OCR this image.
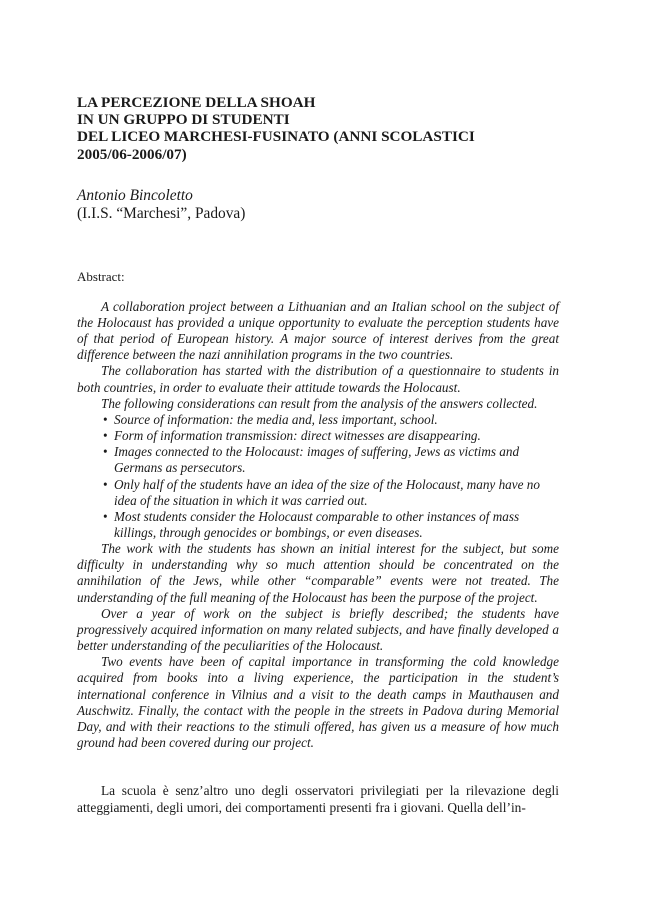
LA PERCEZIONE DELLA SHOAH
IN UN GRUPPO DI STUDENTI
DEL LICEO MARCHESI-FUSINATO (ANNI SCOLASTICI
2005/06-2006/07)
Antonio Bincoletto
(I.I.S. “Marchesi”, Padova)
Abstract:

A collaboration project between a Lithuanian and an Italian school on the subject of the Holocaust has provided a unique opportunity to evaluate the perception students have of that period of European history. A major source of interest derives from the great difference between the nazi annihilation programs in the two countries.

The collaboration has started with the distribution of a questionnaire to students in both countries, in order to evaluate their attitude towards the Holocaust.

The following considerations can result from the analysis of the answers collected.

• Source of information: the media and, less important, school.
• Form of information transmission: direct witnesses are disappearing.
• Images connected to the Holocaust: images of suffering, Jews as victims and Germans as persecutors.
• Only half of the students have an idea of the size of the Holocaust, many have no idea of the situation in which it was carried out.
• Most students consider the Holocaust comparable to other instances of mass killings, through genocides or bombings, or even diseases.

The work with the students has shown an initial interest for the subject, but some difficulty in understanding why so much attention should be concentrated on the annihilation of the Jews, while other “comparable” events were not treated. The understanding of the full meaning of the Holocaust has been the purpose of the project.

Over a year of work on the subject is briefly described; the students have progressively acquired information on many related subjects, and have finally developed a better understanding of the peculiarities of the Holocaust.

Two events have been of capital importance in transforming the cold knowledge acquired from books into a living experience, the participation in the student’s international conference in Vilnius and a visit to the death camps in Mauthausen and Auschwitz. Finally, the contact with the people in the streets in Padova during Memorial Day, and with their reactions to the stimuli offered, has given us a measure of how much ground had been covered during our project.

La scuola è senz’altro uno degli osservatori privilegiati per la rilevazione degli atteggiamenti, degli umori, dei comportamenti presenti fra i giovani. Quella dell’in-
